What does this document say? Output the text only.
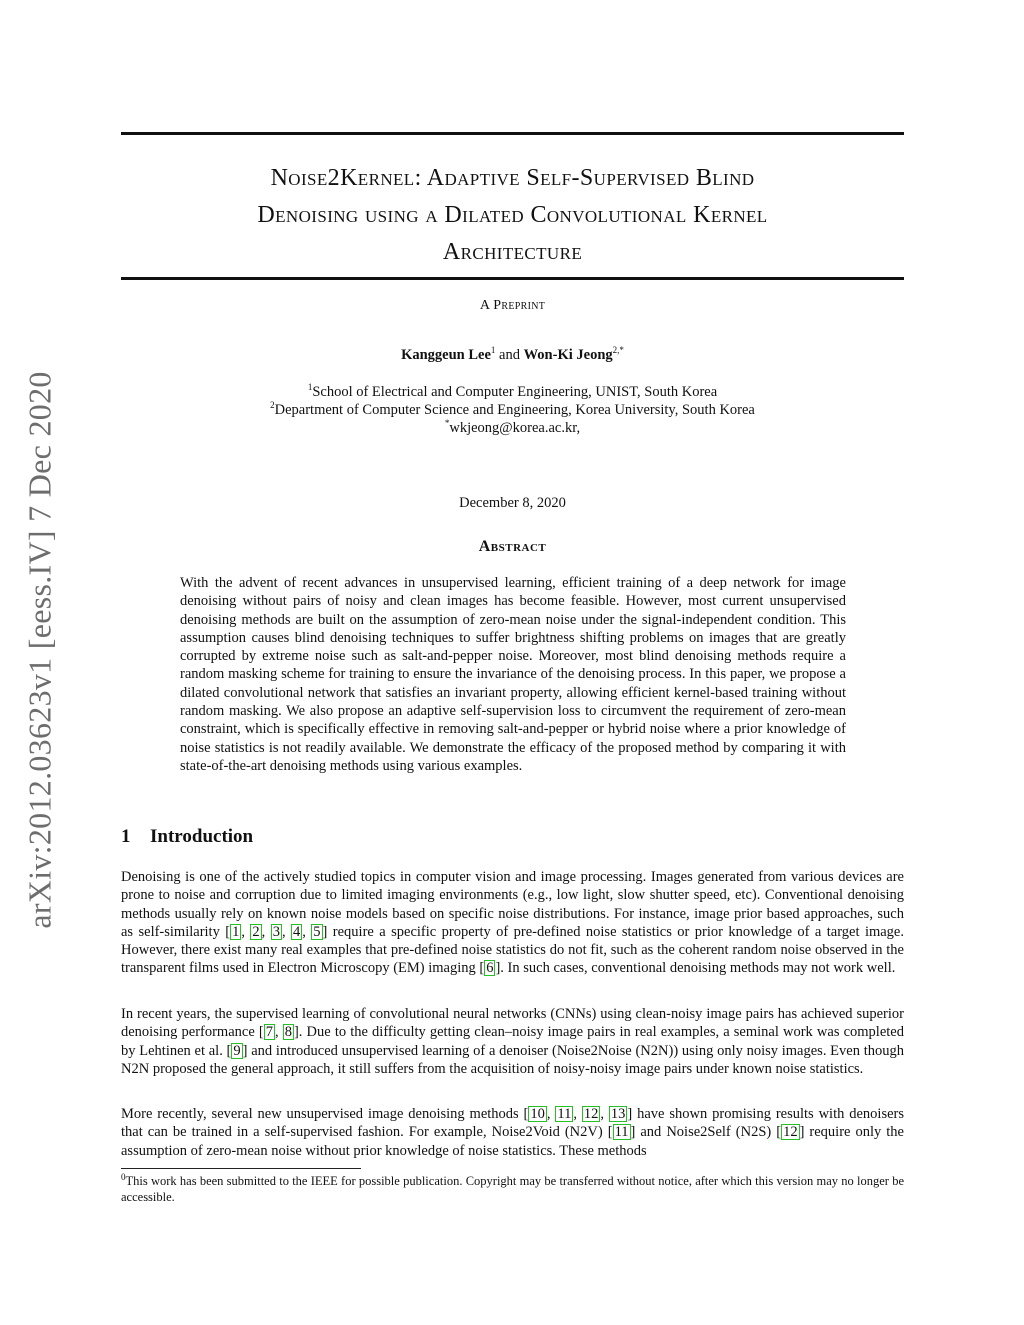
arXiv:2012.03623v1 [eess.IV] 7 Dec 2020
Noise2Kernel: Adaptive Self-Supervised Blind
Denoising using a Dilated Convolutional Kernel
Architecture
A Preprint
Kanggeun Lee$^1$ and Won-Ki Jeong$^{2,*}$
$^1$School of Electrical and Computer Engineering, UNIST, South Korea
$^2$Department of Computer Science and Engineering, Korea University, South Korea
*wkjeong@korea.ac.kr,
December 8, 2020
Abstract
With the advent of recent advances in unsupervised learning, efficient training of a deep network for image denoising without pairs of noisy and clean images has become feasible. However, most current unsupervised denoising methods are built on the assumption of zero-mean noise under the signal-independent condition. This assumption causes blind denoising techniques to suffer brightness shifting problems on images that are greatly corrupted by extreme noise such as salt-and-pepper noise. Moreover, most blind denoising methods require a random masking scheme for training to ensure the invariance of the denoising process. In this paper, we propose a dilated convolutional network that satisfies an invariant property, allowing efficient kernel-based training without random masking. We also propose an adaptive self-supervision loss to circumvent the requirement of zero-mean constraint, which is specifically effective in removing salt-and-pepper or hybrid noise where a prior knowledge of noise statistics is not readily available. We demonstrate the efficacy of the proposed method by comparing it with state-of-the-art denoising methods using various examples.
1 Introduction

Denoising is one of the actively studied topics in computer vision and image processing. Images generated from various devices are prone to noise and corruption due to limited imaging environments (e.g., low light, slow shutter speed, etc). Conventional denoising methods usually rely on known noise models based on specific noise distributions. For instance, image prior based approaches, such as self-similarity [ 1 , 2 , 3 , 4 , 5 ] require a specific property of pre-defined noise statistics or prior knowledge of a target image. However, there exist many real examples that pre-defined noise statistics do not fit, such as the coherent random noise observed in the transparent films used in Electron Microscopy (EM) imaging [ 6 ]. In such cases, conventional denoising methods may not work well.

In recent years, the supervised learning of convolutional neural networks (CNNs) using clean-noisy image pairs has achieved superior denoising performance [ 7 , 8 ]. Due to the difficulty getting clean–noisy image pairs in real examples, a seminal work was completed by Lehtinen et al. [ 9 ] and introduced unsupervised learning of a denoiser (Noise2Noise (N2N)) using only noisy images. Even though N2N proposed the general approach, it still suffers from the acquisition of noisy-noisy image pairs under known noise statistics.

More recently, several new unsupervised image denoising methods [ 10 , 11 , 12 , 13 ] have shown promising results with denoisers that can be trained in a self-supervised fashion. For example, Noise2Void (N2V) [ 11 ] and Noise2Self (N2S) [ 12 ] require only the assumption of zero-mean noise without prior knowledge of noise statistics. These methods

$^0$This work has been submitted to the IEEE for possible publication. Copyright may be transferred without notice, after which this version may no longer be accessible.
